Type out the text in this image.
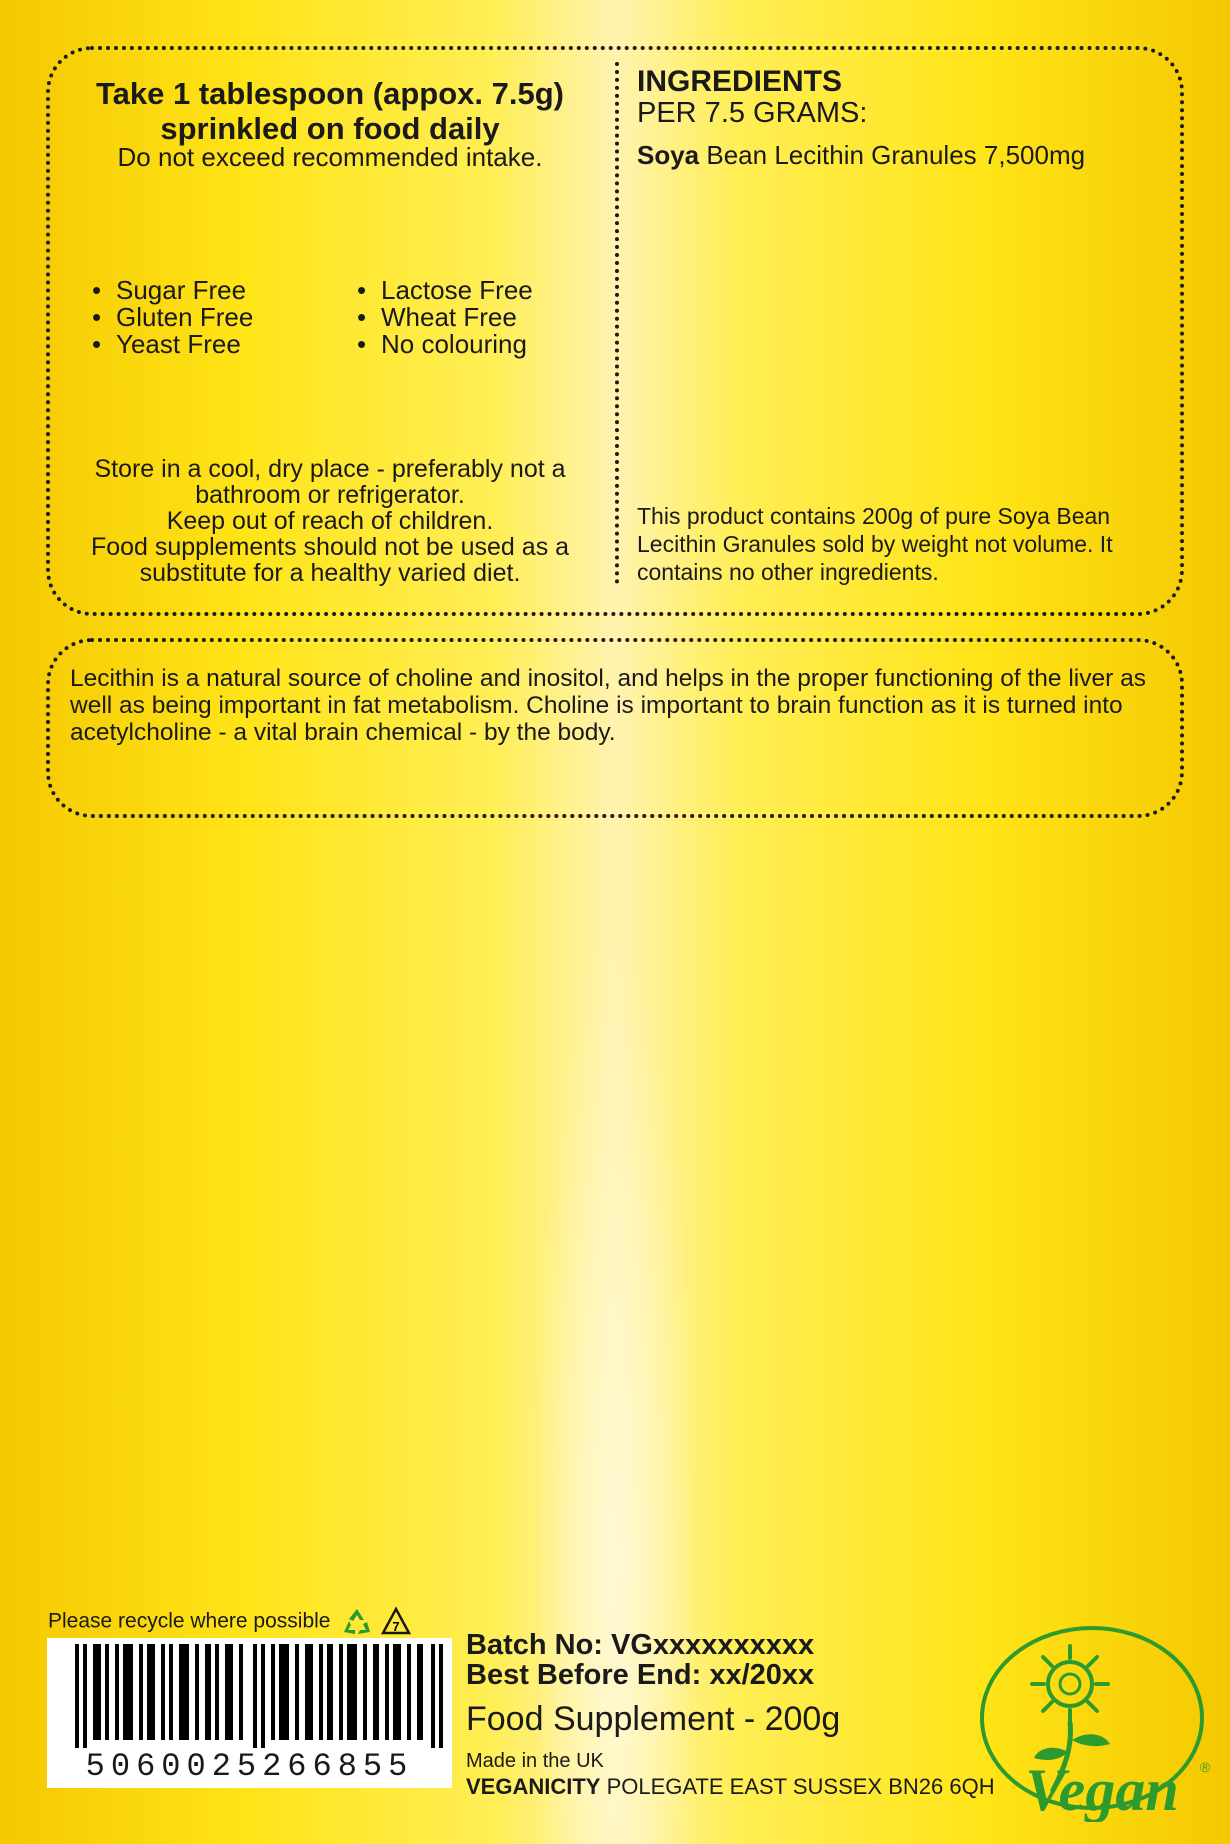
Take 1 tablespoon (appox. 7.5g)
sprinkled on food daily
Do not exceed recommended intake.
• Sugar Free
• Gluten Free
• Yeast Free
• Lactose Free
• Wheat Free
• No colouring
Store in a cool, dry place - preferably not a
bathroom or refrigerator.
Keep out of reach of children.
Food supplements should not be used as a
substitute for a healthy varied diet.
INGREDIENTS
PER 7.5 GRAMS:
Soya Bean Lecithin Granules 7,500mg
This product contains 200g of pure Soya Bean Lecithin Granules sold by weight not volume. It contains no other ingredients.
Lecithin is a natural source of choline and inositol, and helps in the proper functioning of the liver as well as being important in fat metabolism. Choline is important to brain function as it is turned into acetylcholine - a vital brain chemical - by the body.
Please recycle where possible	7
5060025266855
Batch No: VGxxxxxxxxxx
Best Before End: xx/20xx
Food Supplement - 200g
Made in the UK
VEGANICITY POLEGATE EAST SUSSEX BN26 6QH Vegan ®
